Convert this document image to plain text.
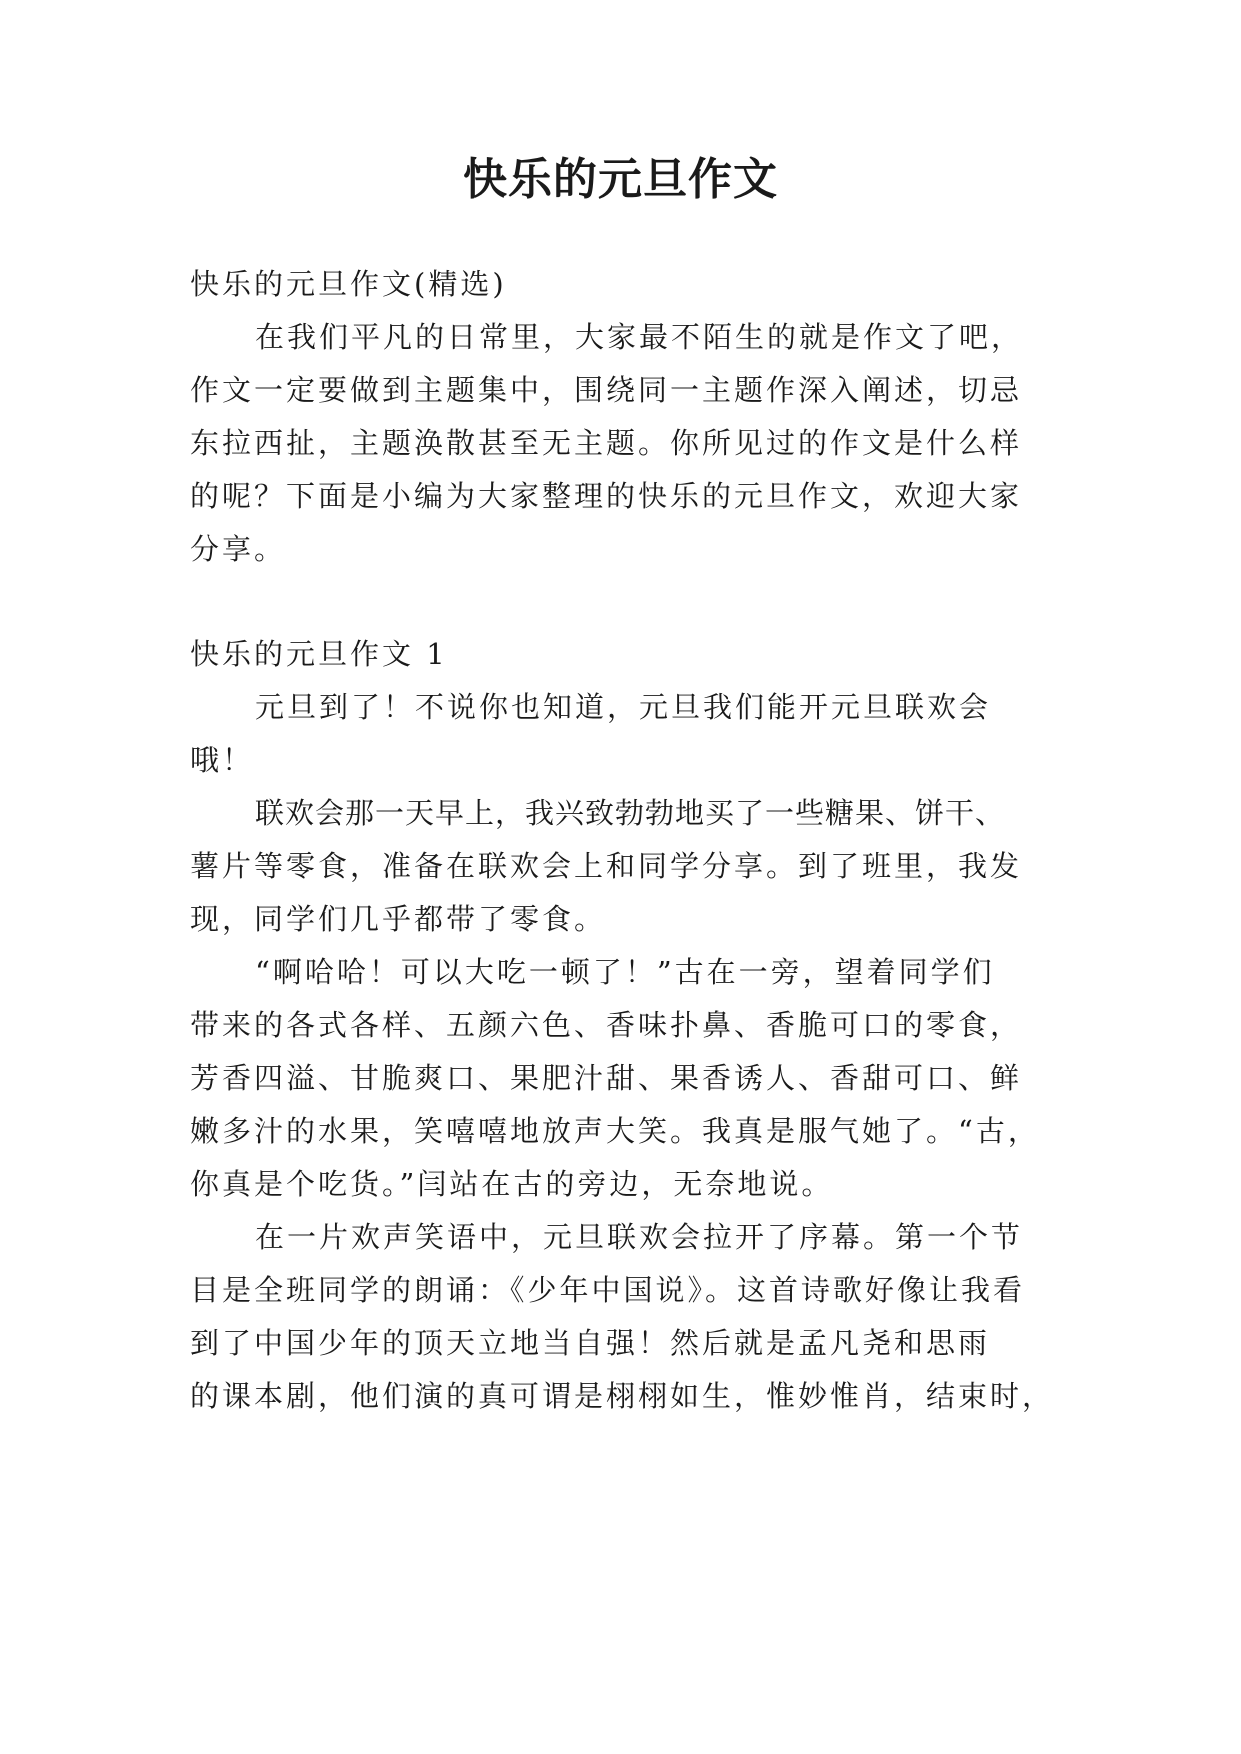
快乐的元旦作文
快乐的元旦作文(精选)
在我们平凡的日常里，大家最不陌生的就是作文了吧，
作文一定要做到主题集中，围绕同一主题作深入阐述，切忌
东拉西扯，主题涣散甚至无主题。你所见过的作文是什么样
的呢？下面是小编为大家整理的快乐的元旦作文，欢迎大家
分享。
快乐的元旦作文 1
元旦到了！不说你也知道，元旦我们能开元旦联欢会
哦！
联欢会那一天早上，我兴致勃勃地买了一些糖果、饼干、
薯片等零食，准备在联欢会上和同学分享。到了班里，我发
现，同学们几乎都带了零食。
“啊哈哈！可以大吃一顿了！”古在一旁，望着同学们
带来的各式各样、五颜六色、香味扑鼻、香脆可口的零食，
芳香四溢、甘脆爽口、果肥汁甜、果香诱人、香甜可口、鲜
嫩多汁的水果，笑嘻嘻地放声大笑。我真是服气她了。“古，
你真是个吃货。”闫站在古的旁边，无奈地说。
在一片欢声笑语中，元旦联欢会拉开了序幕。第一个节
目是全班同学的朗诵：《少年中国说》。这首诗歌好像让我看
到了中国少年的顶天立地当自强！然后就是孟凡尧和思雨
的课本剧，他们演的真可谓是栩栩如生，惟妙惟肖，结束时，
